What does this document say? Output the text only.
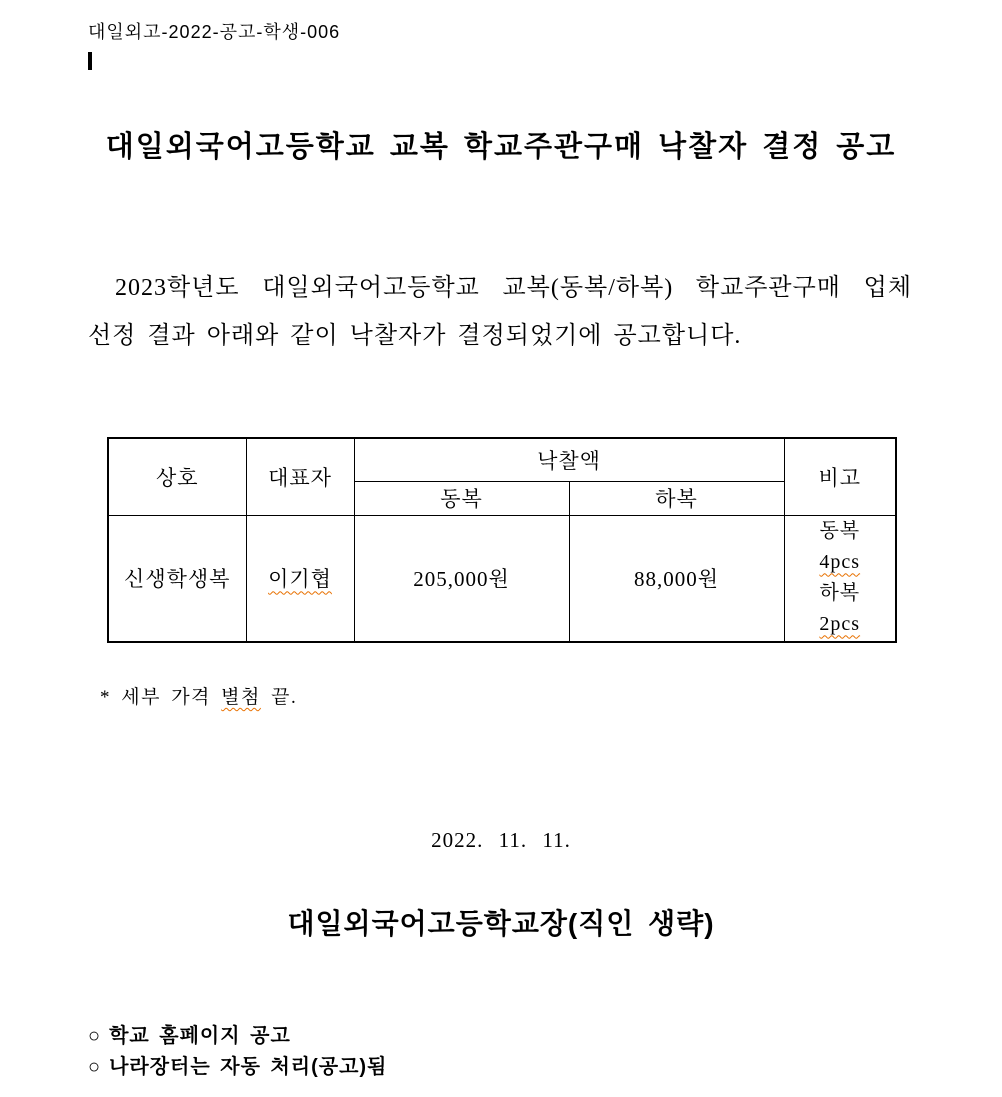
대일외고-2022-공고-학생-006
대일외국어고등학교 교복 학교주관구매 낙찰자 결정 공고
2023학년도 대일외국어고등학교 교복(동복/하복) 학교주관구매 업체
선정 결과 아래와 같이 낙찰자가 결정되었기에 공고합니다.
상호	대표자	낙찰액		비고
		동복	하복	
신생학생복	이기협	205,000원	88,000원	동복
4pcs
하복
2pcs
* 세부 가격 별첨 끝.
2022. 11. 11.
대일외국어고등학교장(직인 생략)
○ 학교 홈페이지 공고
○ 나라장터는 자동 처리(공고)됨
